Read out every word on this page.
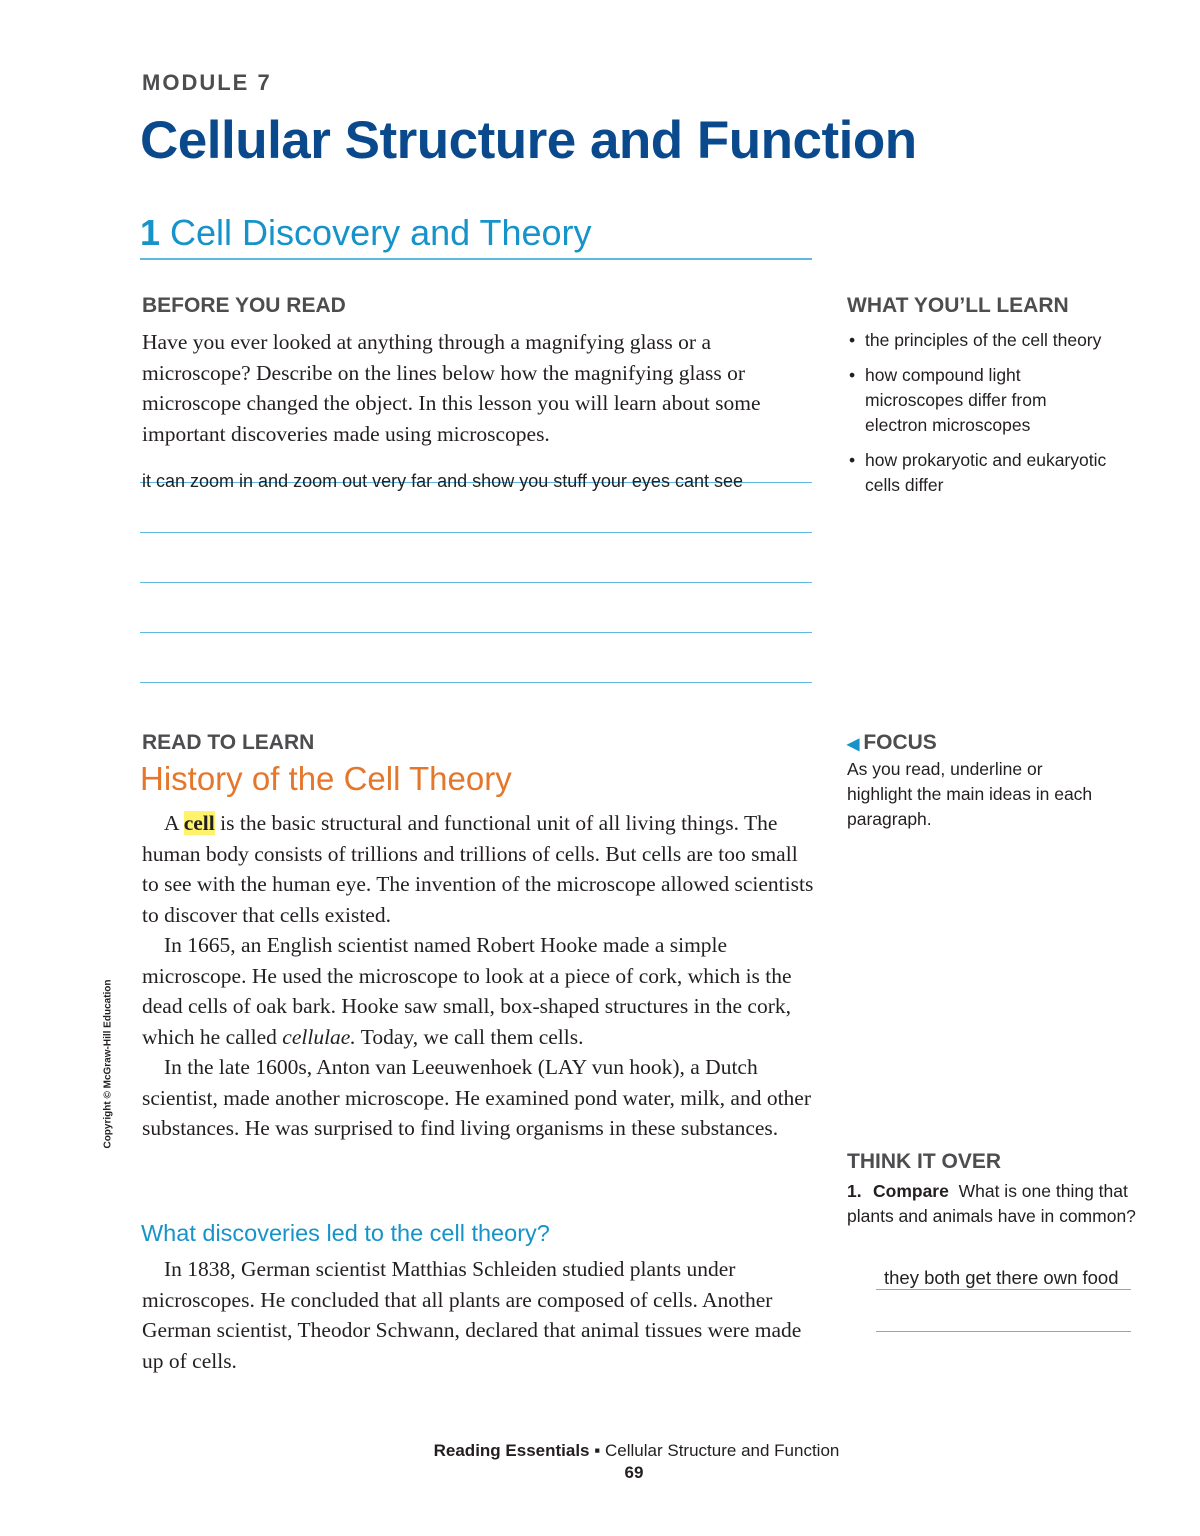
MODULE 7
Cellular Structure and Function
1 Cell Discovery and Theory
BEFORE YOU READ
Have you ever looked at anything through a magnifying glass or a microscope? Describe on the lines below how the magnifying glass or microscope changed the object. In this lesson you will learn about some important discoveries made using microscopes.
it can zoom in and zoom out very far and show you stuff your eyes cant see
WHAT YOU’LL LEARN
• the principles of the cell theory
• how compound light microscopes differ from electron microscopes
• how prokaryotic and eukaryotic cells differ
READ TO LEARN
History of the Cell Theory

A cell is the basic structural and functional unit of all living things. The human body consists of trillions and trillions of cells. But cells are too small to see with the human eye. The invention of the microscope allowed scientists to discover that cells existed.

In 1665, an English scientist named Robert Hooke made a simple microscope. He used the microscope to look at a piece of cork, which is the dead cells of oak bark. Hooke saw small, box-shaped structures in the cork, which he called cellulae. Today, we call them cells.

In the late 1600s, Anton van Leeuwenhoek (LAY vun hook), a Dutch scientist, made another microscope. He examined pond water, milk, and other substances. He was surprised to find living organisms in these substances.

What discoveries led to the cell theory?

In 1838, German scientist Matthias Schleiden studied plants under microscopes. He concluded that all plants are composed of cells. Another German scientist, Theodor Schwann, declared that animal tissues were made up of cells.

◀ FOCUS
As you read, underline or highlight the main ideas in each paragraph.
THINK IT OVER
1. Compare What is one thing that plants and animals have in common?
they both get there own food
Copyright © McGraw-Hill Education
Reading Essentials ▪ Cellular Structure and Function
69
